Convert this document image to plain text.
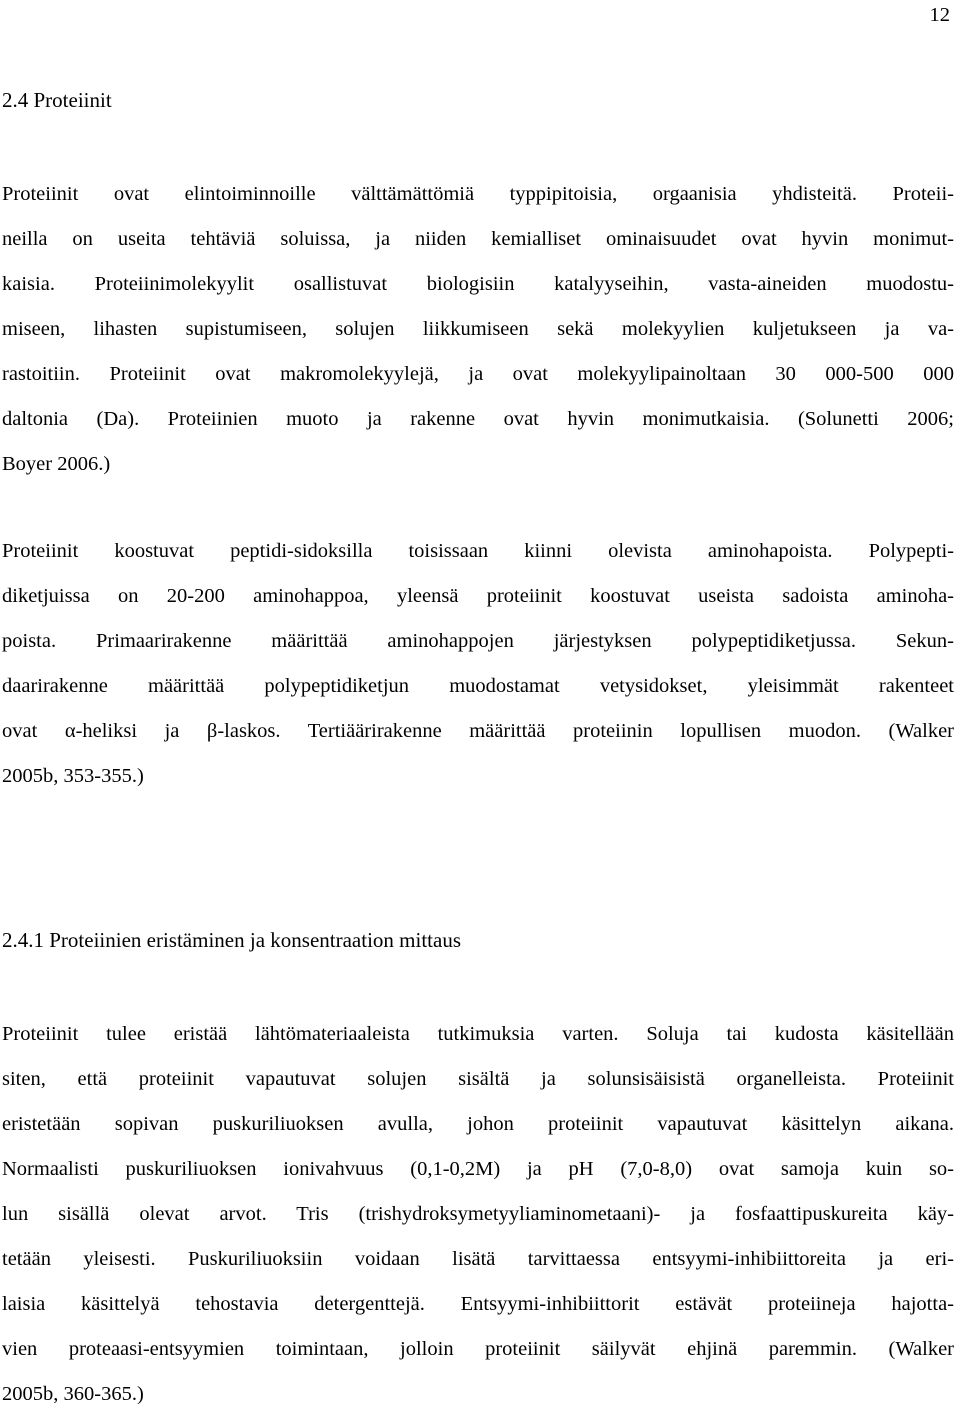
12
2.4 Proteiinit
Proteiinit ovat elintoiminnoille välttämättömiä typpipitoisia, orgaanisia yhdisteitä. Proteii-
neilla on useita tehtäviä soluissa, ja niiden kemialliset ominaisuudet ovat hyvin monimut-
kaisia. Proteiinimolekyylit osallistuvat biologisiin katalyyseihin, vasta-aineiden muodostu-
miseen, lihasten supistumiseen, solujen liikkumiseen sekä molekyylien kuljetukseen ja va-
rastoitiin. Proteiinit ovat makromolekyylejä, ja ovat molekyylipainoltaan 30 000-500 000
daltonia (Da). Proteiinien muoto ja rakenne ovat hyvin monimutkaisia. (Solunetti 2006;
Boyer 2006.)
Proteiinit koostuvat peptidi-sidoksilla toisissaan kiinni olevista aminohapoista. Polypepti-
diketjuissa on 20-200 aminohappoa, yleensä proteiinit koostuvat useista sadoista aminoha-
poista. Primaarirakenne määrittää aminohappojen järjestyksen polypeptidiketjussa. Sekun-
daarirakenne määrittää polypeptidiketjun muodostamat vetysidokset, yleisimmät rakenteet
ovat α-heliksi ja β-laskos. Tertiäärirakenne määrittää proteiinin lopullisen muodon. (Walker
2005b, 353-355.)
2.4.1 Proteiinien eristäminen ja konsentraation mittaus
Proteiinit tulee eristää lähtömateriaaleista tutkimuksia varten. Soluja tai kudosta käsitellään
siten, että proteiinit vapautuvat solujen sisältä ja solunsisäisistä organelleista. Proteiinit
eristetään sopivan puskuriliuoksen avulla, johon proteiinit vapautuvat käsittelyn aikana.
Normaalisti puskuriliuoksen ionivahvuus (0,1-0,2M) ja pH (7,0-8,0) ovat samoja kuin so-
lun sisällä olevat arvot. Tris (trishydroksymetyyliaminometaani)- ja fosfaattipuskureita käy-
tetään yleisesti. Puskuriliuoksiin voidaan lisätä tarvittaessa entsyymi-inhibiittoreita ja eri-
laisia käsittelyä tehostavia detergenttejä. Entsyymi-inhibiittorit estävät proteiineja hajotta-
vien proteaasi-entsyymien toimintaan, jolloin proteiinit säilyvät ehjinä paremmin. (Walker
2005b, 360-365.)
